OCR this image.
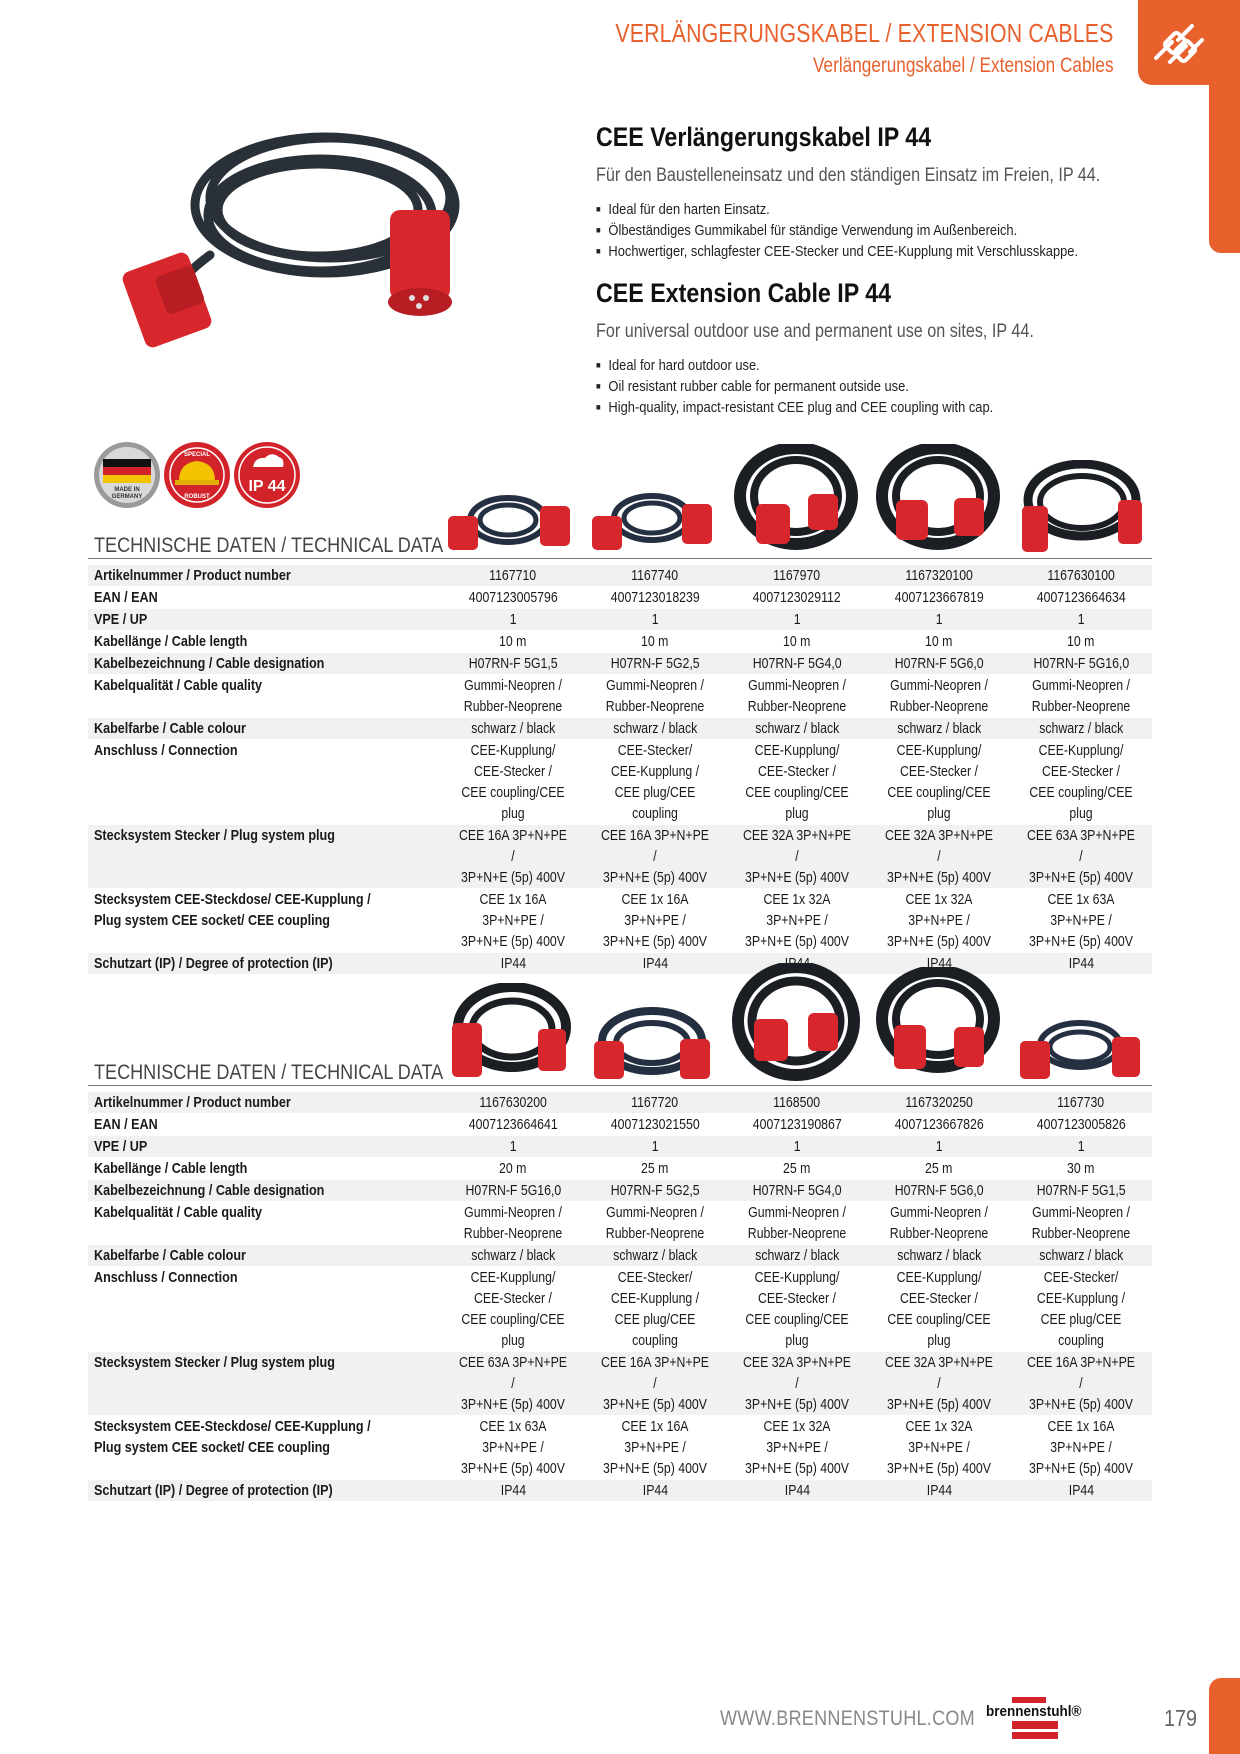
VERLÄNGERUNGSKABEL / EXTENSION CABLES
Verlängerungskabel / Extension Cables
CEE Verlängerungskabel IP 44

Für den Baustelleneinsatz und den ständigen Einsatz im Freien, IP 44.

■ Ideal für den harten Einsatz.
■ Ölbeständiges Gummikabel für ständige Verwendung im Außenbereich.
■ Hochwertiger, schlagfester CEE-Stecker und CEE-Kupplung mit Verschlusskappe.
CEE Extension Cable IP 44

For universal outdoor use and permanent use on sites, IP 44.

■ Ideal for hard outdoor use.
■ Oil resistant rubber cable for permanent outside use.
■ High-quality, impact-resistant CEE plug and CEE coupling with cap.
MADE IN
GERMANY
SPECIAL
ROBUST
IP 44
TECHNISCHE DATEN / TECHNICAL DATA
Artikelnummer / Product number	1167710	1167740	1167970	1167320100	1167630100
EAN / EAN	4007123005796	4007123018239	4007123029112	4007123667819	4007123664634
VPE / UP	1	1	1	1	1
Kabellänge / Cable length	10 m	10 m	10 m	10 m	10 m
Kabelbezeichnung / Cable designation	H07RN-F 5G1,5	H07RN-F 5G2,5	H07RN-F 5G4,0	H07RN-F 5G6,0	H07RN-F 5G16,0
Kabelqualität / Cable quality	Gummi-Neopren /
Rubber-Neoprene	Gummi-Neopren /
Rubber-Neoprene	Gummi-Neopren /
Rubber-Neoprene	Gummi-Neopren /
Rubber-Neoprene	Gummi-Neopren /
Rubber-Neoprene
Kabelfarbe / Cable colour	schwarz / black	schwarz / black	schwarz / black	schwarz / black	schwarz / black
Anschluss / Connection	CEE-Kupplung/
CEE-Stecker /
CEE coupling/CEE plug	CEE-Stecker/
CEE-Kupplung /
CEE plug/CEE coupling	CEE-Kupplung/
CEE-Stecker /
CEE coupling/CEE plug	CEE-Kupplung/
CEE-Stecker /
CEE coupling/CEE plug	CEE-Kupplung/
CEE-Stecker /
CEE coupling/CEE plug
Stecksystem Stecker / Plug system plug	CEE 16A 3P+N+PE /
3P+N+E (5p) 400V	CEE 16A 3P+N+PE /
3P+N+E (5p) 400V	CEE 32A 3P+N+PE /
3P+N+E (5p) 400V	CEE 32A 3P+N+PE /
3P+N+E (5p) 400V	CEE 63A 3P+N+PE /
3P+N+E (5p) 400V
Stecksystem CEE-Steckdose/ CEE-Kupplung /
Plug system CEE socket/ CEE coupling	CEE 1x 16A 3P+N+PE /
3P+N+E (5p) 400V	CEE 1x 16A 3P+N+PE /
3P+N+E (5p) 400V	CEE 1x 32A 3P+N+PE /
3P+N+E (5p) 400V	CEE 1x 32A 3P+N+PE /
3P+N+E (5p) 400V	CEE 1x 63A 3P+N+PE /
3P+N+E (5p) 400V
Schutzart (IP) / Degree of protection (IP)	IP44	IP44	IP44	IP44	IP44
TECHNISCHE DATEN / TECHNICAL DATA
Artikelnummer / Product number	1167630200	1167720	1168500	1167320250	1167730
EAN / EAN	4007123664641	4007123021550	4007123190867	4007123667826	4007123005826
VPE / UP	1	1	1	1	1
Kabellänge / Cable length	20 m	25 m	25 m	25 m	30 m
Kabelbezeichnung / Cable designation	H07RN-F 5G16,0	H07RN-F 5G2,5	H07RN-F 5G4,0	H07RN-F 5G6,0	H07RN-F 5G1,5
Kabelqualität / Cable quality	Gummi-Neopren /
Rubber-Neoprene	Gummi-Neopren /
Rubber-Neoprene	Gummi-Neopren /
Rubber-Neoprene	Gummi-Neopren /
Rubber-Neoprene	Gummi-Neopren /
Rubber-Neoprene
Kabelfarbe / Cable colour	schwarz / black	schwarz / black	schwarz / black	schwarz / black	schwarz / black
Anschluss / Connection	CEE-Kupplung/
CEE-Stecker /
CEE coupling/CEE plug	CEE-Stecker/
CEE-Kupplung /
CEE plug/CEE coupling	CEE-Kupplung/
CEE-Stecker /
CEE coupling/CEE plug	CEE-Kupplung/
CEE-Stecker /
CEE coupling/CEE plug	CEE-Stecker/
CEE-Kupplung /
CEE plug/CEE coupling
Stecksystem Stecker / Plug system plug	CEE 63A 3P+N+PE /
3P+N+E (5p) 400V	CEE 16A 3P+N+PE /
3P+N+E (5p) 400V	CEE 32A 3P+N+PE /
3P+N+E (5p) 400V	CEE 32A 3P+N+PE /
3P+N+E (5p) 400V	CEE 16A 3P+N+PE /
3P+N+E (5p) 400V
Stecksystem CEE-Steckdose/ CEE-Kupplung /
Plug system CEE socket/ CEE coupling	CEE 1x 63A 3P+N+PE /
3P+N+E (5p) 400V	CEE 1x 16A 3P+N+PE /
3P+N+E (5p) 400V	CEE 1x 32A 3P+N+PE /
3P+N+E (5p) 400V	CEE 1x 32A 3P+N+PE /
3P+N+E (5p) 400V	CEE 1x 16A 3P+N+PE /
3P+N+E (5p) 400V
Schutzart (IP) / Degree of protection (IP)	IP44	IP44	IP44	IP44	IP44
WWW.BRENNENSTUHL.COM brennenstuhl®	179
